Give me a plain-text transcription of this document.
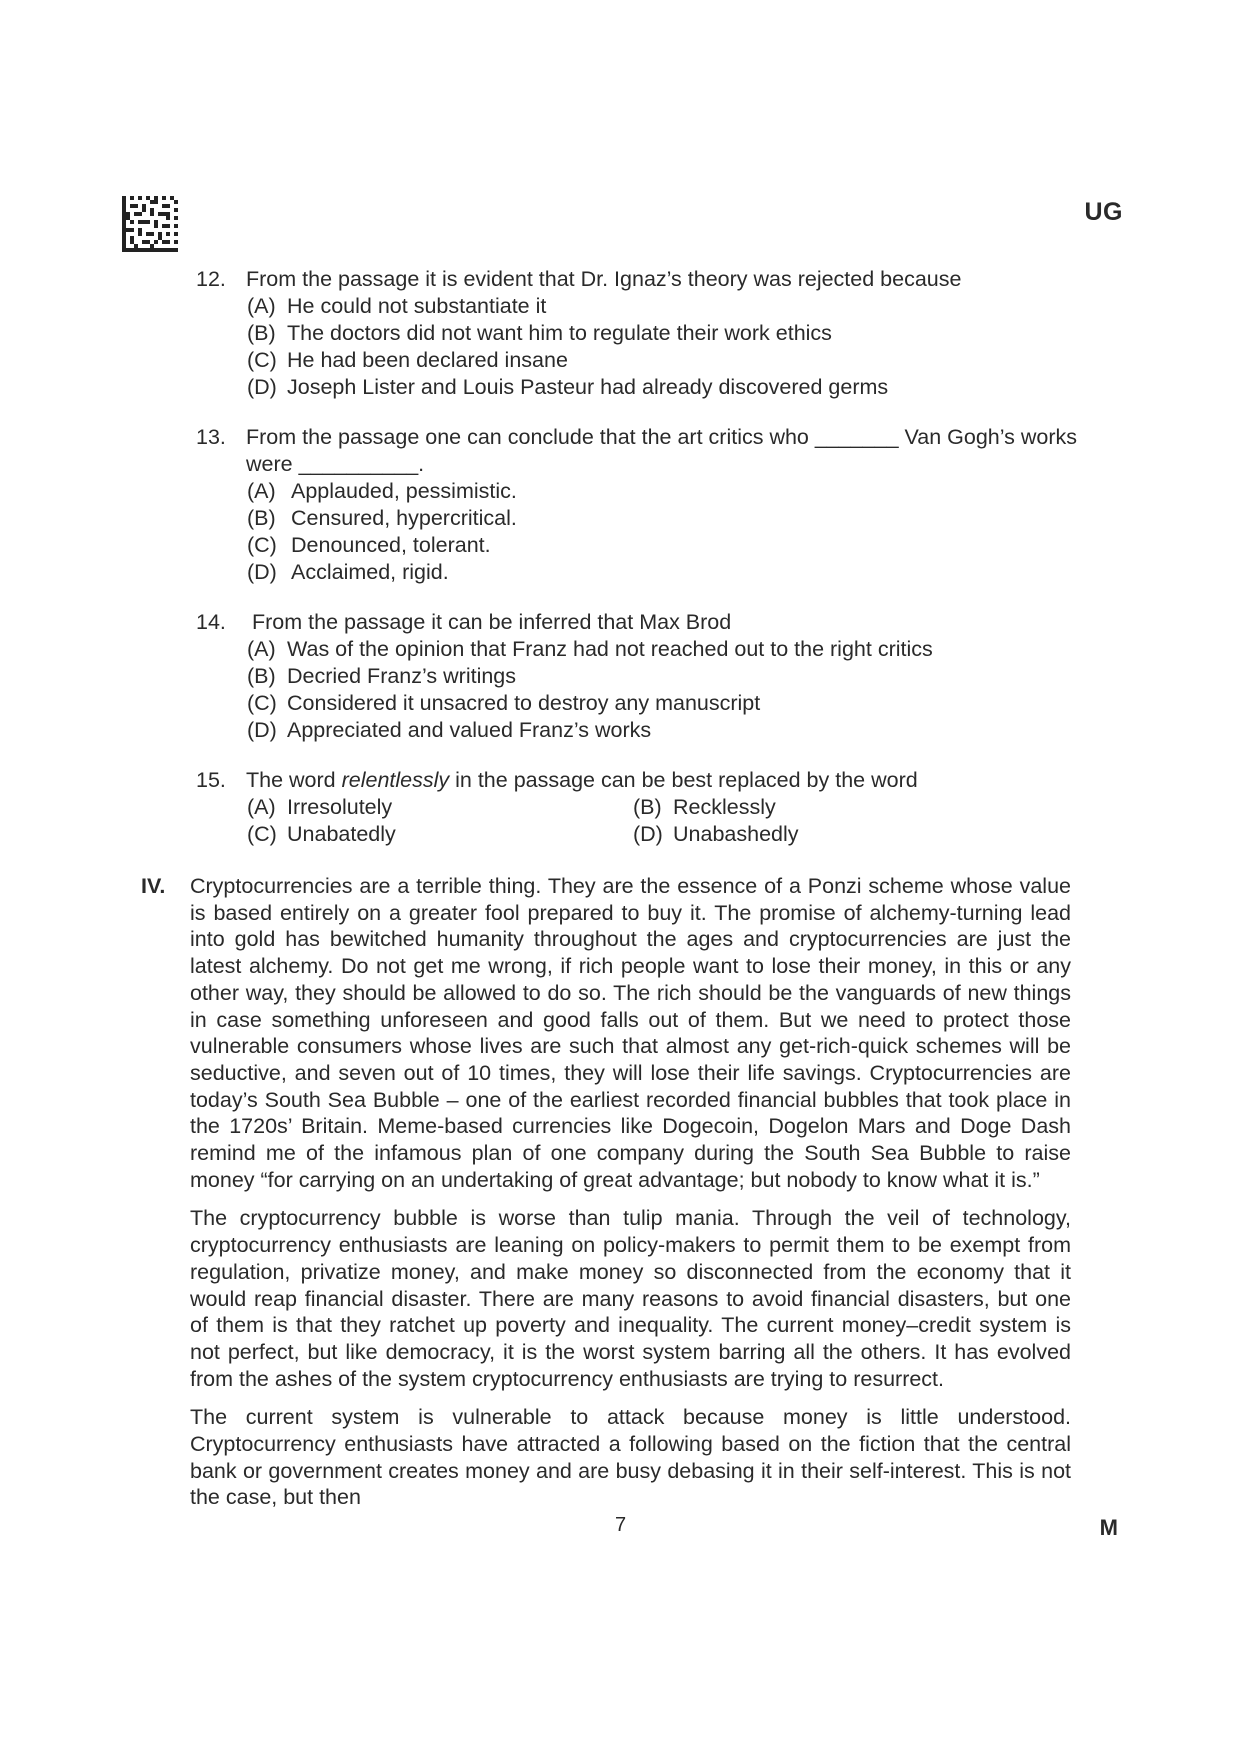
UG
12. From the passage it is evident that Dr. Ignaz’s theory was rejected because
(A) He could not substantiate it
(B) The doctors did not want him to regulate their work ethics
(C) He had been declared insane
(D) Joseph Lister and Louis Pasteur had already discovered germs
13. From the passage one can conclude that the art critics who _______ Van Gogh’s works were __________.
(A) Applauded, pessimistic.
(B) Censured, hypercritical.
(C) Denounced, tolerant.
(D) Acclaimed, rigid.
14.	From the passage it can be inferred that Max Brod
(A) Was of the opinion that Franz had not reached out to the right critics
(B) Decried Franz’s writings
(C) Considered it unsacred to destroy any manuscript
(D) Appreciated and valued Franz’s works
15. The word relentlessly in the passage can be best replaced by the word
(A) Irresolutely	(B) Recklessly
(C) Unabatedly	(D) Unabashedly
IV. Cryptocurrencies are a terrible thing. They are the essence of a Ponzi scheme whose value is based entirely on a greater fool prepared to buy it. The promise of alchemy-turning lead into gold has bewitched humanity throughout the ages and cryptocurrencies are just the latest alchemy. Do not get me wrong, if rich people want to lose their money, in this or any other way, they should be allowed to do so. The rich should be the vanguards of new things in case something unforeseen and good falls out of them. But we need to protect those vulnerable consumers whose lives are such that almost any get-rich-quick schemes will be seductive, and seven out of 10 times, they will lose their life savings. Cryptocurrencies are today’s South Sea Bubble – one of the earliest recorded financial bubbles that took place in the 1720s’ Britain. Meme-based currencies like Dogecoin, Dogelon Mars and Doge Dash remind me of the infamous plan of one company during the South Sea Bubble to raise money “for carrying on an undertaking of great advantage; but nobody to know what it is.”

The cryptocurrency bubble is worse than tulip mania. Through the veil of technology, cryptocurrency enthusiasts are leaning on policy-makers to permit them to be exempt from regulation, privatize money, and make money so disconnected from the economy that it would reap financial disaster. There are many reasons to avoid financial disasters, but one of them is that they ratchet up poverty and inequality. The current money–credit system is not perfect, but like democracy, it is the worst system barring all the others. It has evolved from the ashes of the system cryptocurrency enthusiasts are trying to resurrect.

The current system is vulnerable to attack because money is little understood. Cryptocurrency enthusiasts have attracted a following based on the fiction that the central bank or government creates money and are busy debasing it in their self-interest. This is not the case, but then

7	M
